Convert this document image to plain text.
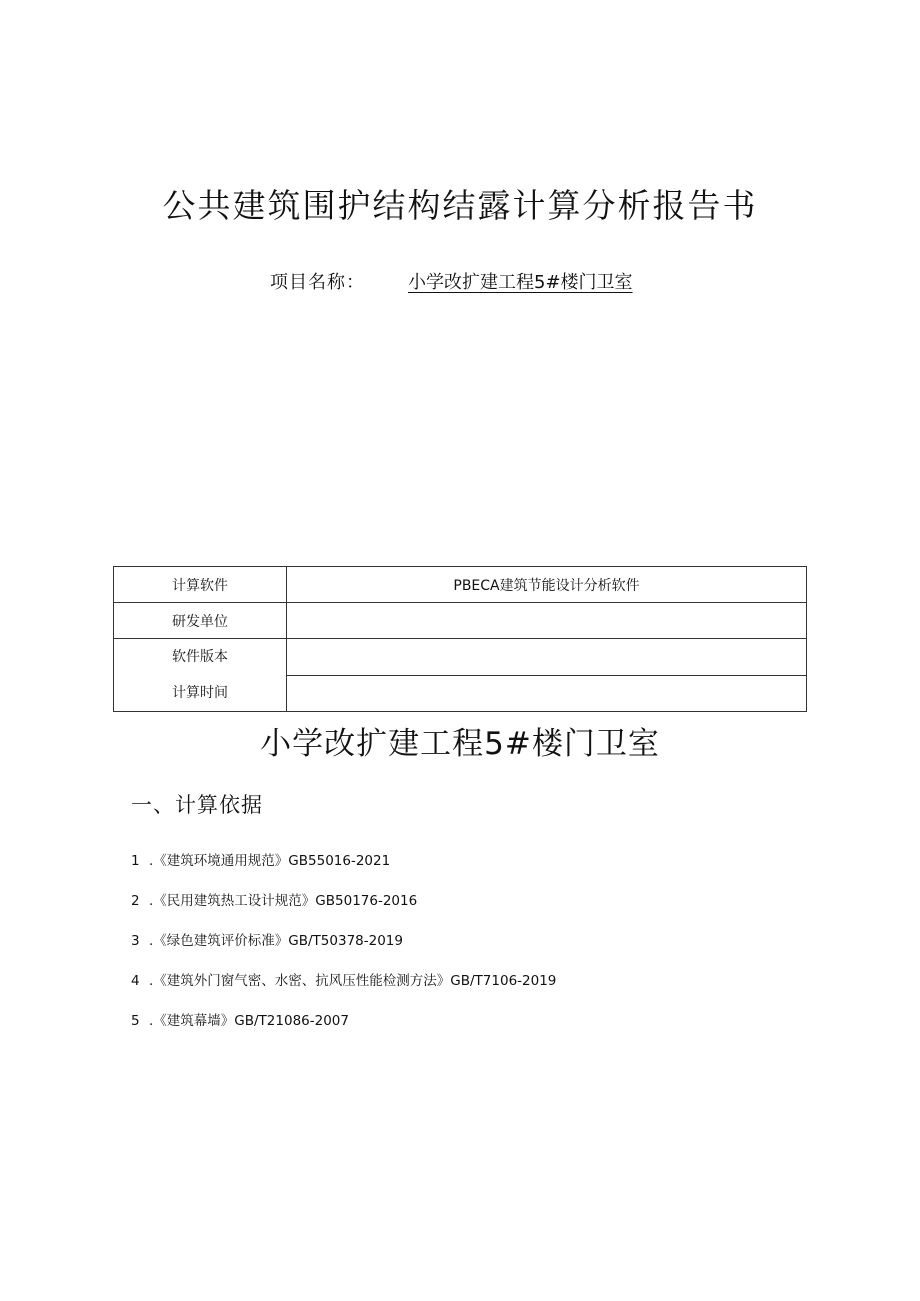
公共建筑围护结构结露计算分析报告书
项目名称： 小学改扩建工程5#楼门卫室
计算软件	PBECA建筑节能设计分析软件
研发单位	

软件版本
计算时间	

小学改扩建工程5#楼门卫室
一、计算依据
1 .《建筑环境通用规范》GB55016-2021
2 .《民用建筑热工设计规范》GB50176-2016
3 .《绿色建筑评价标准》GB/T50378-2019
4 .《建筑外门窗气密、水密、抗风压性能检测方法》GB/T7106-2019
5 .《建筑幕墙》GB/T21086-2007
